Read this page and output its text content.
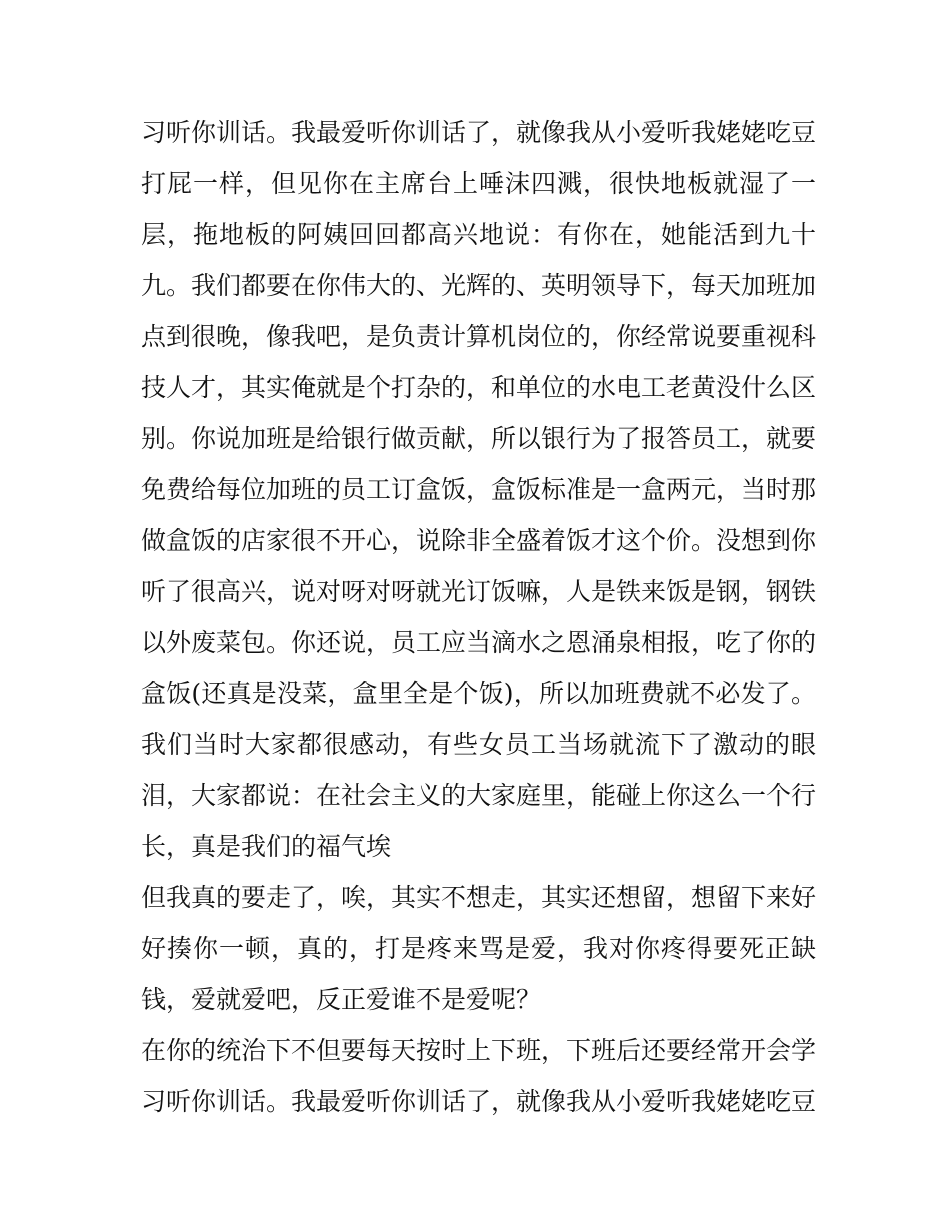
习听你训话。我最爱听你训话了，就像我从小爱听我姥姥吃豆
打屁一样，但见你在主席台上唾沫四溅，很快地板就湿了一
层，拖地板的阿姨回回都高兴地说：有你在，她能活到九十
九。我们都要在你伟大的、光辉的、英明领导下，每天加班加
点到很晚，像我吧，是负责计算机岗位的，你经常说要重视科
技人才，其实俺就是个打杂的，和单位的水电工老黄没什么区
别。你说加班是给银行做贡献，所以银行为了报答员工，就要
免费给每位加班的员工订盒饭，盒饭标准是一盒两元，当时那
做盒饭的店家很不开心，说除非全盛着饭才这个价。没想到你
听了很高兴，说对呀对呀就光订饭嘛，人是铁来饭是钢，钢铁
以外废菜包。你还说，员工应当滴水之恩涌泉相报，吃了你的
盒饭(还真是没菜，盒里全是个饭)，所以加班费就不必发了。
我们当时大家都很感动，有些女员工当场就流下了激动的眼
泪，大家都说：在社会主义的大家庭里，能碰上你这么一个行
长，真是我们的福气埃
但我真的要走了，唉，其实不想走，其实还想留，想留下来好
好揍你一顿，真的，打是疼来骂是爱，我对你疼得要死正缺
钱，爱就爱吧，反正爱谁不是爱呢？
在你的统治下不但要每天按时上下班，下班后还要经常开会学
习听你训话。我最爱听你训话了，就像我从小爱听我姥姥吃豆
